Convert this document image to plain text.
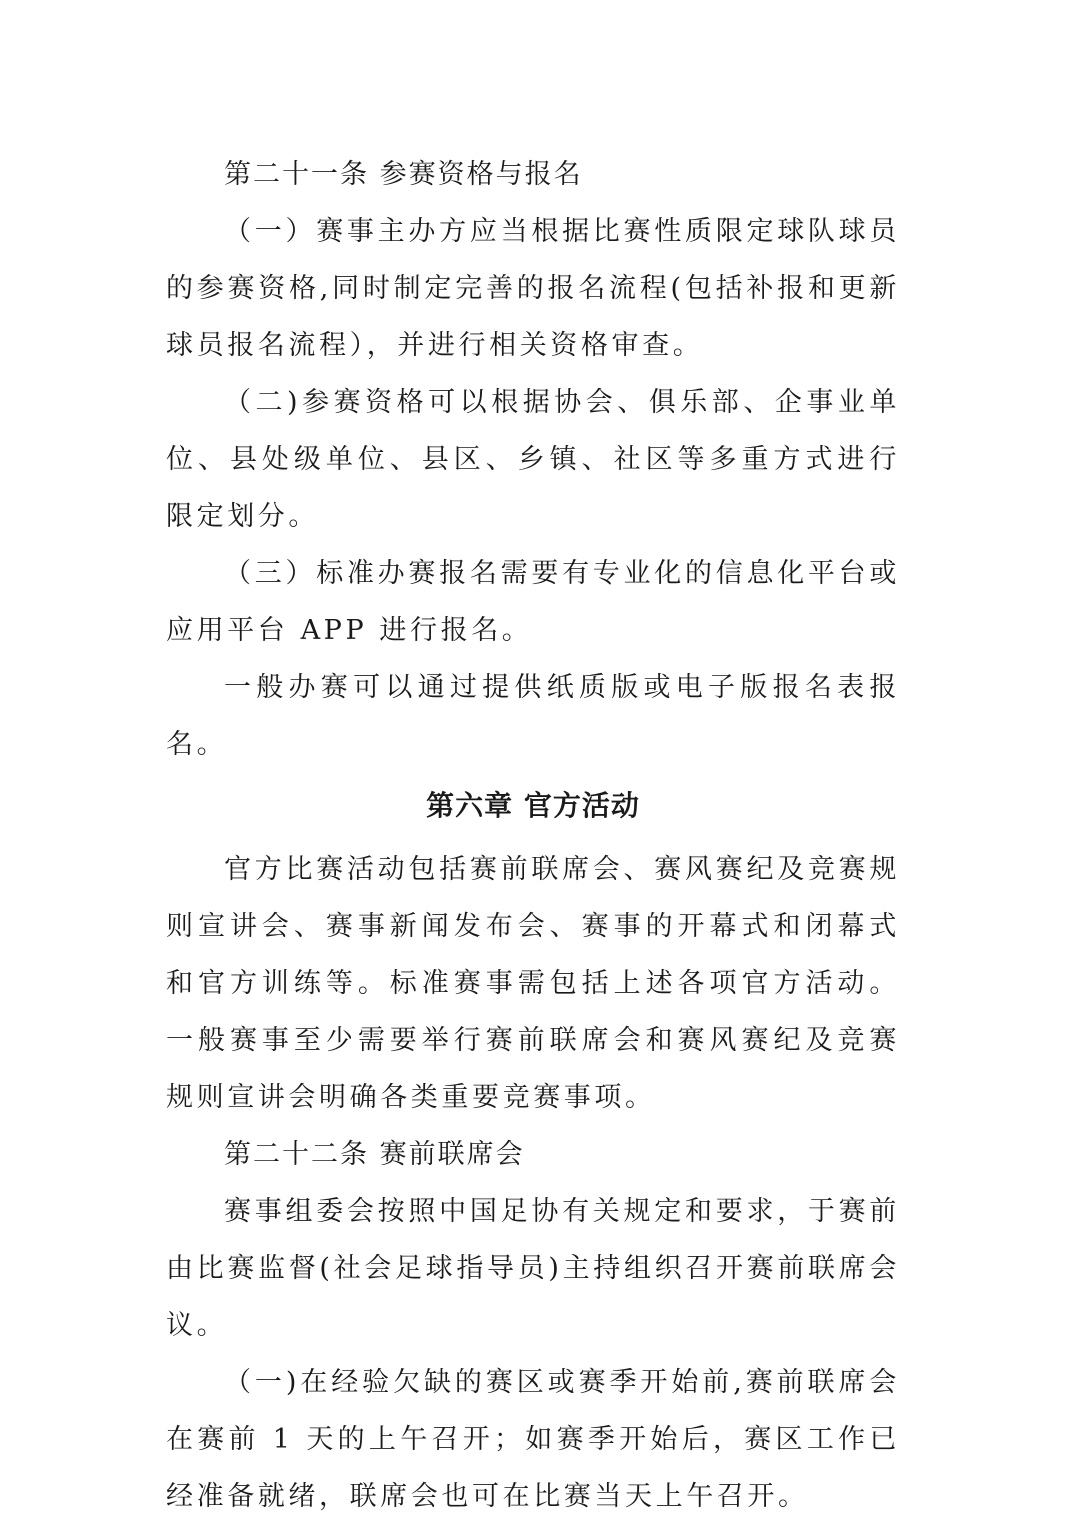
第二十一条 参赛资格与报名

（一）赛事主办方应当根据比赛性质限定球队球员的参赛资格,同时制定完善的报名流程(包括补报和更新球员报名流程），并进行相关资格审查。

（二)参赛资格可以根据协会、俱乐部、企事业单位、县处级单位、县区、乡镇、社区等多重方式进行限定划分。

（三）标准办赛报名需要有专业化的信息化平台或应用平台 APP 进行报名。

一般办赛可以通过提供纸质版或电子版报名表报名。

第六章 官方活动

官方比赛活动包括赛前联席会、赛风赛纪及竞赛规则宣讲会、赛事新闻发布会、赛事的开幕式和闭幕式和官方训练等。标准赛事需包括上述各项官方活动。一般赛事至少需要举行赛前联席会和赛风赛纪及竞赛规则宣讲会明确各类重要竞赛事项。

第二十二条 赛前联席会

赛事组委会按照中国足协有关规定和要求，于赛前由比赛监督(社会足球指导员)主持组织召开赛前联席会议。

（一)在经验欠缺的赛区或赛季开始前,赛前联席会在赛前 1 天的上午召开；如赛季开始后，赛区工作已经准备就绪，联席会也可在比赛当天上午召开。
